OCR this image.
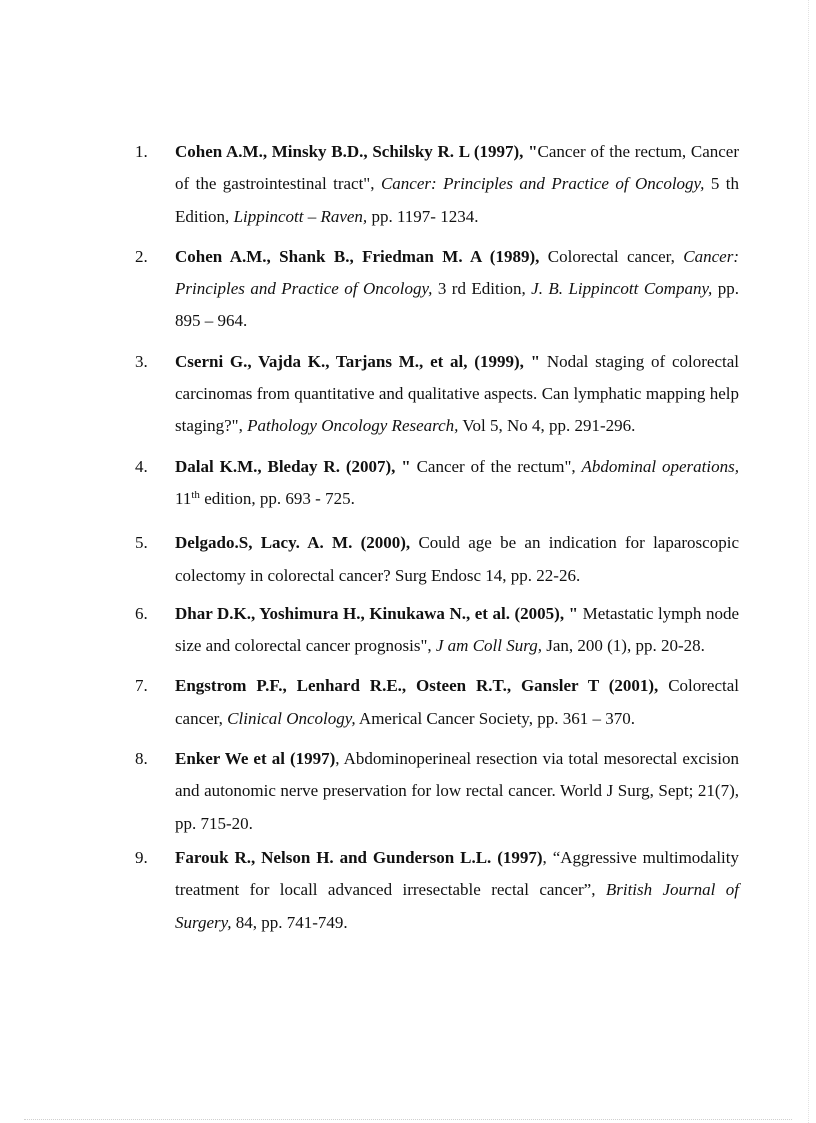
1. Cohen A.M., Minsky B.D., Schilsky R. L (1997), "Cancer of the rectum, Cancer of the gastrointestinal tract", Cancer: Principles and Practice of Oncology, 5 th Edition, Lippincott – Raven, pp. 1197- 1234.
2. Cohen A.M., Shank B., Friedman M. A (1989), Colorectal cancer, Cancer: Principles and Practice of Oncology, 3 rd Edition, J. B. Lippincott Company, pp. 895 – 964.
3. Cserni G., Vajda K., Tarjans M., et al, (1999), " Nodal staging of colorectal carcinomas from quantitative and qualitative aspects. Can lymphatic mapping help staging?", Pathology Oncology Research, Vol 5, No 4, pp. 291-296.
4. Dalal K.M., Bleday R. (2007), " Cancer of the rectum", Abdominal operations, 11th edition, pp. 693 - 725.
5. Delgado.S, Lacy. A. M. (2000), Could age be an indication for laparoscopic colectomy in colorectal cancer? Surg Endosc 14, pp. 22-26.
6. Dhar D.K., Yoshimura H., Kinukawa N., et al. (2005), " Metastatic lymph node size and colorectal cancer prognosis", J am Coll Surg, Jan, 200 (1), pp. 20-28.
7. Engstrom P.F., Lenhard R.E., Osteen R.T., Gansler T (2001), Colorectal cancer, Clinical Oncology, Americal Cancer Society, pp. 361 – 370.
8. Enker We et al (1997), Abdominoperineal resection via total mesorectal excision and autonomic nerve preservation for low rectal cancer. World J Surg, Sept; 21(7), pp. 715-20.
9. Farouk R., Nelson H. and Gunderson L.L. (1997), “Aggressive multimodality treatment for locall advanced irresectable rectal cancer”, British Journal of Surgery, 84, pp. 741-749.
